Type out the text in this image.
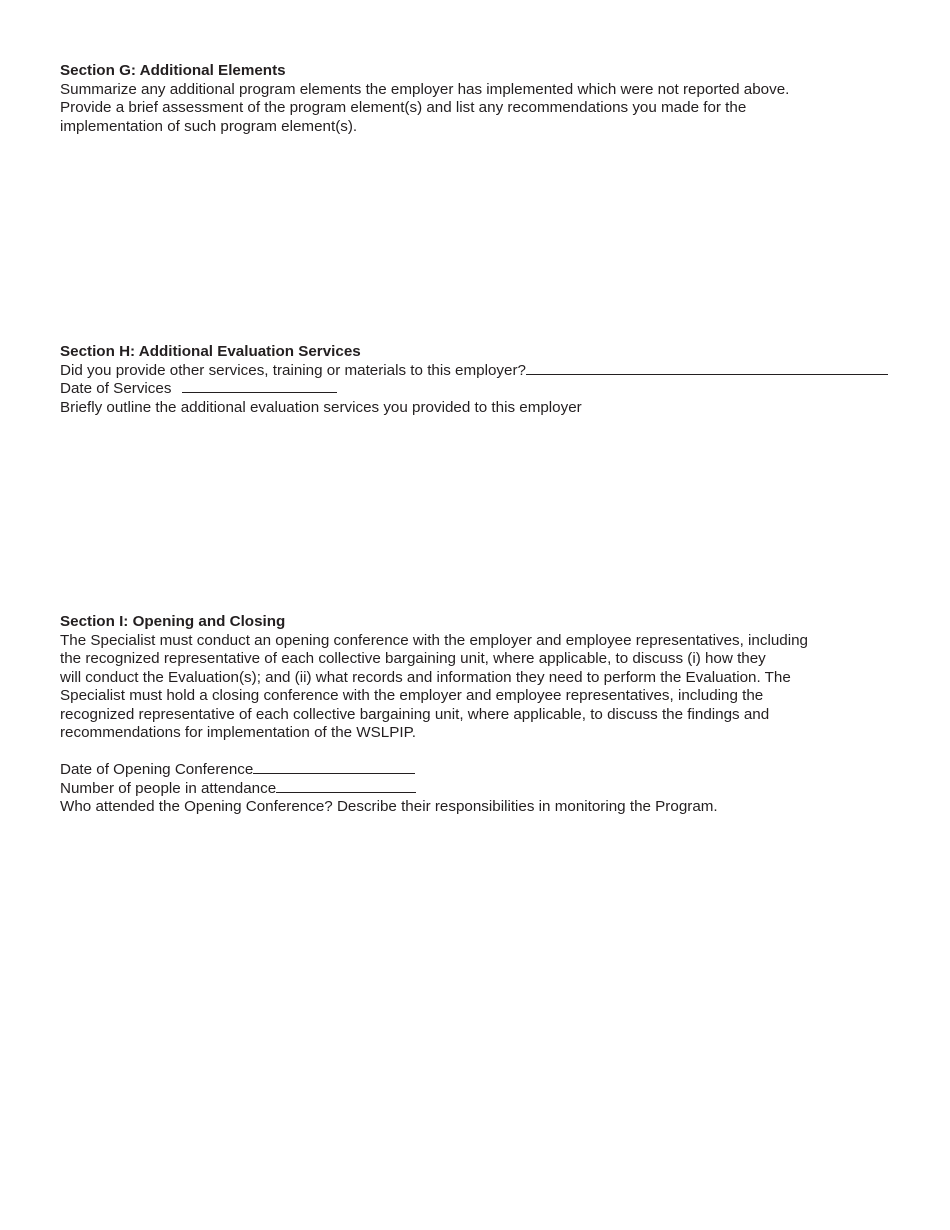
Section G: Additional Elements

Summarize any additional program elements the employer has implemented which were not reported above.
Provide a brief assessment of the program element(s) and list any recommendations you made for the
implementation of such program element(s).

Section H: Additional Evaluation Services

Did you provide other services, training or materials to this employer?
Date of Services
Briefly outline the additional evaluation services you provided to this employer

Section I: Opening and Closing

The Specialist must conduct an opening conference with the employer and employee representatives, including
the recognized representative of each collective bargaining unit, where applicable, to discuss (i) how they
will conduct the Evaluation(s); and (ii) what records and information they need to perform the Evaluation. The
Specialist must hold a closing conference with the employer and employee representatives, including the
recognized representative of each collective bargaining unit, where applicable, to discuss the findings and
recommendations for implementation of the WSLPIP.
Date of Opening Conference
Number of people in attendance
Who attended the Opening Conference? Describe their responsibilities in monitoring the Program.
